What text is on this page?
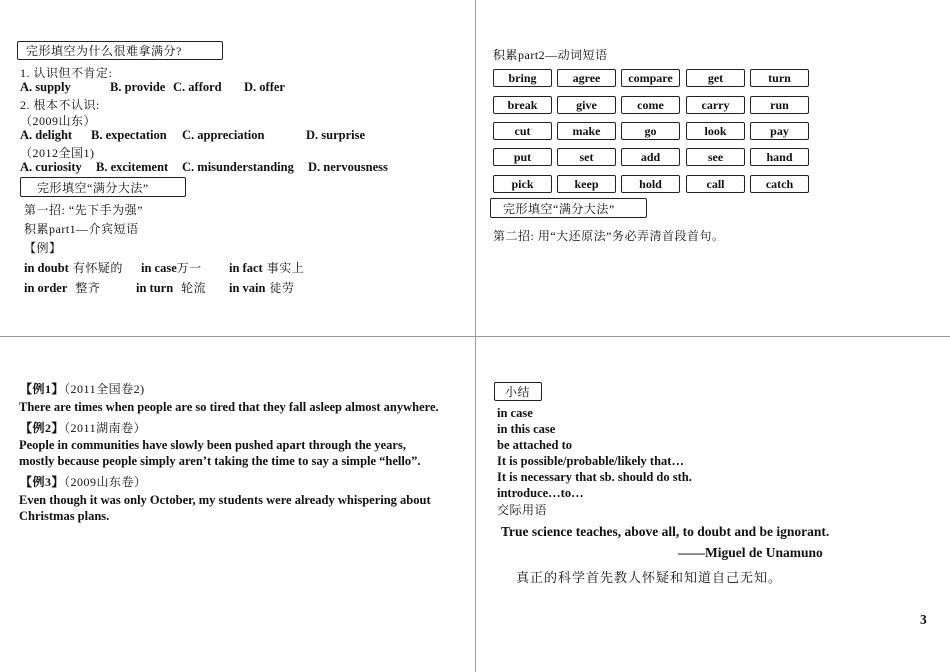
完形填空为什么很难拿满分?
1. 认识但不肯定:
A. supply	B. provide C. afford D. offer
2. 根本不认识:
（2009山东）
A. delight B. expectation C. appreciation	D. surprise
（2012全国1)
A. curiosity B. excitement C. misunderstanding D. nervousness
完形填空“满分大法”
第一招: “先下手为强”
积累part1—介宾短语
【例】
in doubt 有怀疑的 in case万一 in fact 事实上
in order 整齐	in turn 轮流 in vain 徒劳
积累part2—动词短语
bring	agree	compare	get	turn
break	give	come	carry	run
cut	make	go	look	pay
put	set	add	see	hand
pick	keep	hold	call	catch
完形填空“满分大法”
第二招: 用“大还原法”务必弄清首段首句。
【例1】（2011全国卷2)
There are times when people are so tired that they fall asleep almost anywhere.
【例2】（2011湖南卷）
People in communities have slowly been pushed apart through the years,
mostly because people simply aren’t taking the time to say a simple “hello”.
【例3】（2009山东卷）
Even though it was only October, my students were already whispering about
Christmas plans.
小结
in case
in this case
be attached to
It is possible/probable/likely that…
It is necessary that sb. should do sth.
introduce…to…
交际用语
True science teaches, above all, to doubt and be ignorant.
——Miguel de Unamuno
真正的科学首先教人怀疑和知道自己无知。
3
